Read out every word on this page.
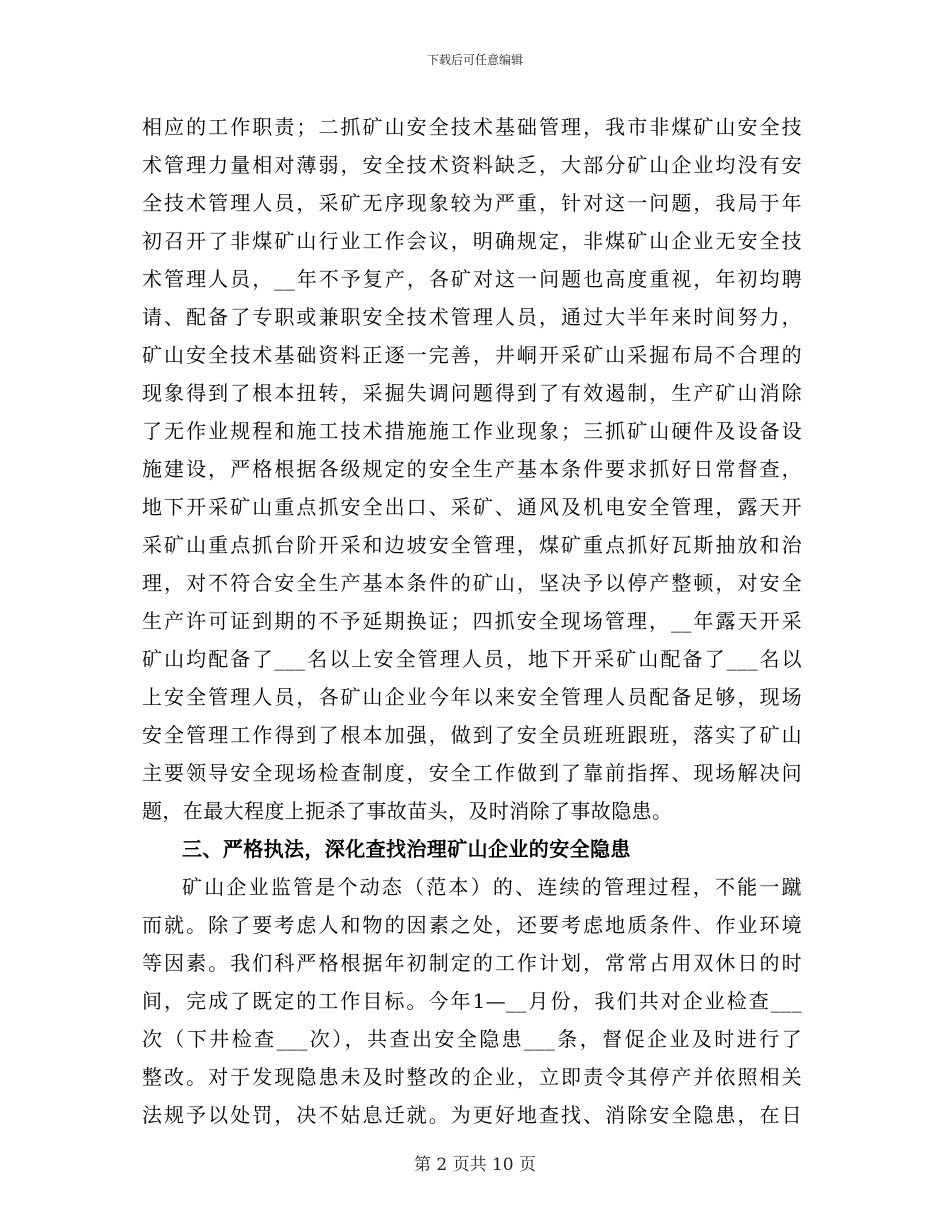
下载后可任意编辑
相应的工作职责；二抓矿山安全技术基础管理，我市非煤矿山安全技
术管理力量相对薄弱，安全技术资料缺乏，大部分矿山企业均没有安
全技术管理人员，采矿无序现象较为严重，针对这一问题，我局于年
初召开了非煤矿山行业工作会议，明确规定，非煤矿山企业无安全技
术管理人员，__年不予复产，各矿对这一问题也高度重视，年初均聘
请、配备了专职或兼职安全技术管理人员，通过大半年来时间努力，
矿山安全技术基础资料正逐一完善，井峒开采矿山采掘布局不合理的
现象得到了根本扭转，采掘失调问题得到了有效遏制，生产矿山消除
了无作业规程和施工技术措施施工作业现象；三抓矿山硬件及设备设
施建设，严格根据各级规定的安全生产基本条件要求抓好日常督查，
地下开采矿山重点抓安全出口、采矿、通风及机电安全管理，露天开
采矿山重点抓台阶开采和边坡安全管理，煤矿重点抓好瓦斯抽放和治
理，对不符合安全生产基本条件的矿山，坚决予以停产整顿，对安全
生产许可证到期的不予延期换证；四抓安全现场管理，__年露天开采
矿山均配备了___名以上安全管理人员，地下开采矿山配备了___名以
上安全管理人员，各矿山企业今年以来安全管理人员配备足够，现场
安全管理工作得到了根本加强，做到了安全员班班跟班，落实了矿山
主要领导安全现场检查制度，安全工作做到了靠前指挥、现场解决问
题，在最大程度上扼杀了事故苗头，及时消除了事故隐患。
三、严格执法，深化查找治理矿山企业的安全隐患
矿山企业监管是个动态（范本）的、连续的管理过程，不能一蹴
而就。除了要考虑人和物的因素之处，还要考虑地质条件、作业环境
等因素。我们科严格根据年初制定的工作计划，常常占用双休日的时
间，完成了既定的工作目标。今年1—__月份，我们共对企业检查___
次（下井检查___次），共查出安全隐患___条，督促企业及时进行了
整改。对于发现隐患未及时整改的企业，立即责令其停产并依照相关
法规予以处罚，决不姑息迁就。为更好地查找、消除安全隐患，在日
第 2 页共 10 页
